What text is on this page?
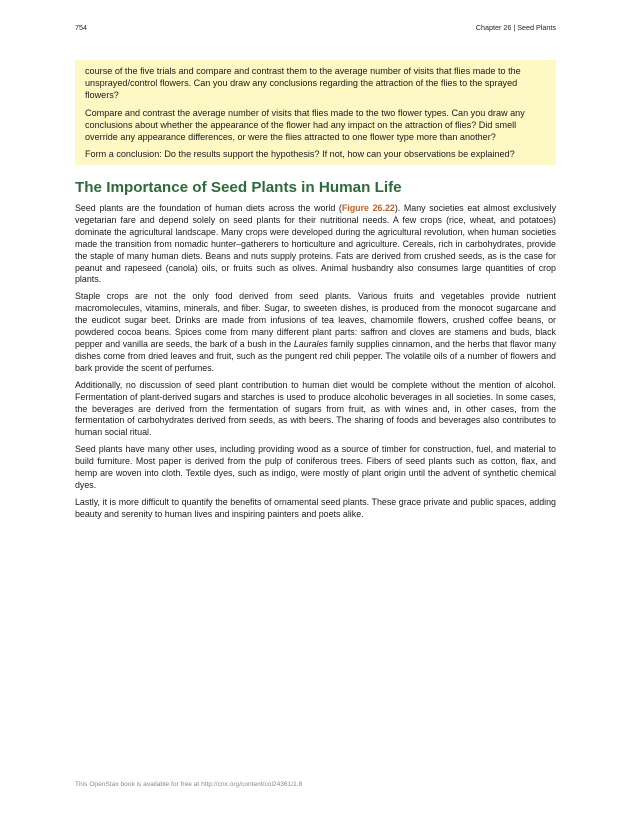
754	Chapter 26 | Seed Plants

course of the five trials and compare and contrast them to the average number of visits that flies made to the unsprayed/control flowers. Can you draw any conclusions regarding the attraction of the flies to the sprayed flowers?

Compare and contrast the average number of visits that flies made to the two flower types. Can you draw any conclusions about whether the appearance of the flower had any impact on the attraction of flies? Did smell override any appearance differences, or were the flies attracted to one flower type more than another?

Form a conclusion: Do the results support the hypothesis? If not, how can your observations be explained?

The Importance of Seed Plants in Human Life

Seed plants are the foundation of human diets across the world (Figure 26.22). Many societies eat almost exclusively vegetarian fare and depend solely on seed plants for their nutritional needs. A few crops (rice, wheat, and potatoes) dominate the agricultural landscape. Many crops were developed during the agricultural revolution, when human societies made the transition from nomadic hunter–gatherers to horticulture and agriculture. Cereals, rich in carbohydrates, provide the staple of many human diets. Beans and nuts supply proteins. Fats are derived from crushed seeds, as is the case for peanut and rapeseed (canola) oils, or fruits such as olives. Animal husbandry also consumes large quantities of crop plants.

Staple crops are not the only food derived from seed plants. Various fruits and vegetables provide nutrient macromolecules, vitamins, minerals, and fiber. Sugar, to sweeten dishes, is produced from the monocot sugarcane and the eudicot sugar beet. Drinks are made from infusions of tea leaves, chamomile flowers, crushed coffee beans, or powdered cocoa beans. Spices come from many different plant parts: saffron and cloves are stamens and buds, black pepper and vanilla are seeds, the bark of a bush in the Laurales family supplies cinnamon, and the herbs that flavor many dishes come from dried leaves and fruit, such as the pungent red chili pepper. The volatile oils of a number of flowers and bark provide the scent of perfumes.

Additionally, no discussion of seed plant contribution to human diet would be complete without the mention of alcohol. Fermentation of plant-derived sugars and starches is used to produce alcoholic beverages in all societies. In some cases, the beverages are derived from the fermentation of sugars from fruit, as with wines and, in other cases, from the fermentation of carbohydrates derived from seeds, as with beers. The sharing of foods and beverages also contributes to human social ritual.

Seed plants have many other uses, including providing wood as a source of timber for construction, fuel, and material to build furniture. Most paper is derived from the pulp of coniferous trees. Fibers of seed plants such as cotton, flax, and hemp are woven into cloth. Textile dyes, such as indigo, were mostly of plant origin until the advent of synthetic chemical dyes.

Lastly, it is more difficult to quantify the benefits of ornamental seed plants. These grace private and public spaces, adding beauty and serenity to human lives and inspiring painters and poets alike.

This OpenStax book is available for free at http://cnx.org/content/col24361/1.8
